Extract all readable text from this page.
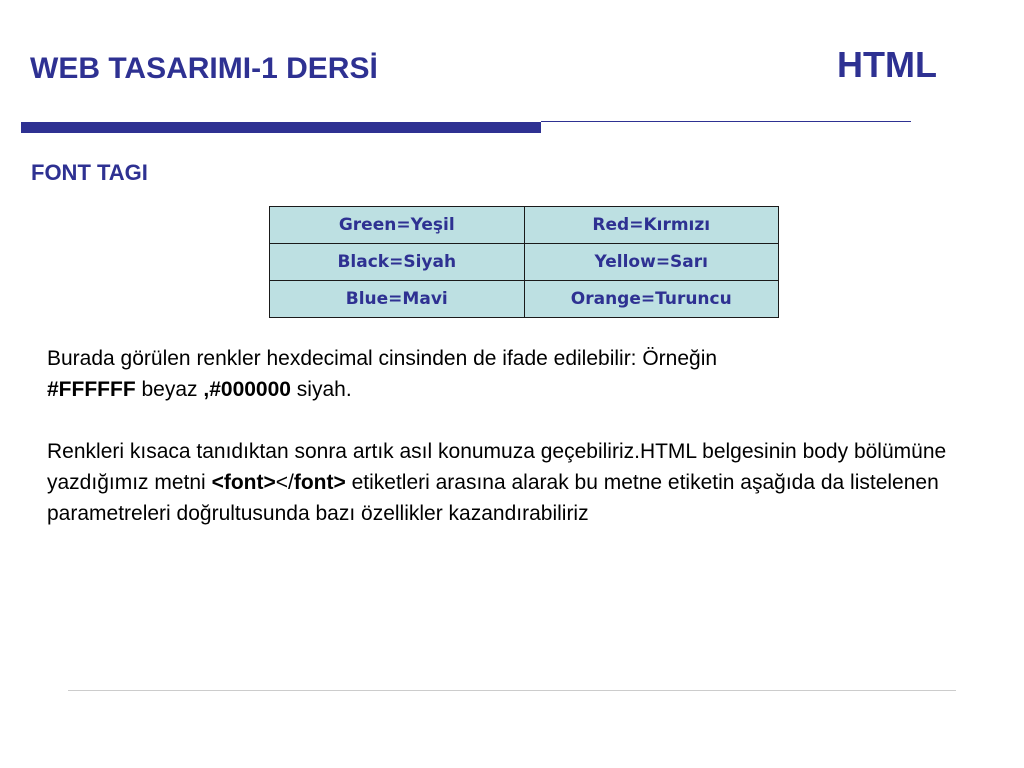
WEB TASARIMI-1 DERSİ	HTML
FONT TAGI
Green=Yeşil	Red=Kırmızı
Black=Siyah	Yellow=Sarı
Blue=Mavi	Orange=Turuncu

Burada görülen renkler hexdecimal cinsinden de ifade edilebilir: Örneğin
#FFFFFF beyaz ,#000000 siyah.

Renkleri kısaca tanıdıktan sonra artık asıl konumuza geçebiliriz.HTML belgesinin body bölümüne yazdığımız metni <font></font> etiketleri arasına alarak bu metne etiketin aşağıda da listelenen parametreleri doğrultusunda bazı özellikler kazandırabiliriz
